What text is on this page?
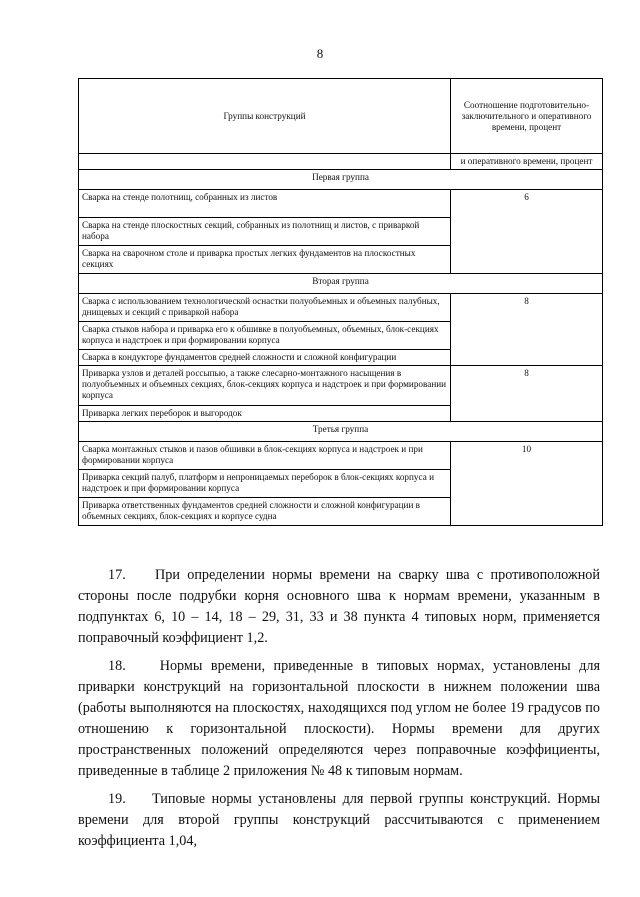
8
Группы конструкций	Соотношение подготовительно-заключительного и оперативного времени, процент
	и оперативного времени, процент
Первая группа	
Сварка на стенде полотнищ, собранных из листов	6
Сварка на стенде плоскостных секций, собранных из полотнищ и листов, с приваркой набора	
Сварка на сварочном столе и приварка простых легких фундаментов на плоскостных секциях	
Вторая группа	
Сварка с использованием технологической оснастки полуобъемных и объемных палубных, днищевых и секций с приваркой набора	8
Сварка стыков набора и приварка его к обшивке в полуобъемных, объемных, блок-секциях корпуса и надстроек и при формировании корпуса	
Сварка в кондукторе фундаментов средней сложности и сложной конфигурации	
Приварка узлов и деталей россыпью, а также слесарно-монтажного насыщения в полуобъемных и объемных секциях, блок-секциях корпуса и надстроек и при формировании корпуса	8
Приварка легких переборок и выгородок	
Третья группа	
Сварка монтажных стыков и пазов обшивки в блок-секциях корпуса и надстроек и при формировании корпуса	10
Приварка секций палуб, платформ и непроницаемых переборок в блок-секциях корпуса и надстроек и при формировании корпуса	
Приварка ответственных фундаментов средней сложности и сложной конфигурации в объемных секциях, блок-секциях и корпусе судна	

17.    При определении нормы времени на сварку шва с противоположной стороны после подрубки корня основного шва к нормам времени, указанным в подпунктах 6, 10 – 14, 18 – 29, 31, 33 и 38 пункта 4 типовых норм, применяется поправочный коэффициент 1,2.

18.    Нормы времени, приведенные в типовых нормах, установлены для приварки конструкций на горизонтальной плоскости в нижнем положении шва (работы выполняются на плоскостях, находящихся под углом не более 19 градусов по отношению к горизонтальной плоскости). Нормы времени для других пространственных положений определяются через поправочные коэффициенты, приведенные в таблице 2 приложения № 48 к типовым нормам.

19.    Типовые нормы установлены для первой группы конструкций. Нормы времени для второй группы конструкций рассчитываются с применением коэффициента 1,04,
